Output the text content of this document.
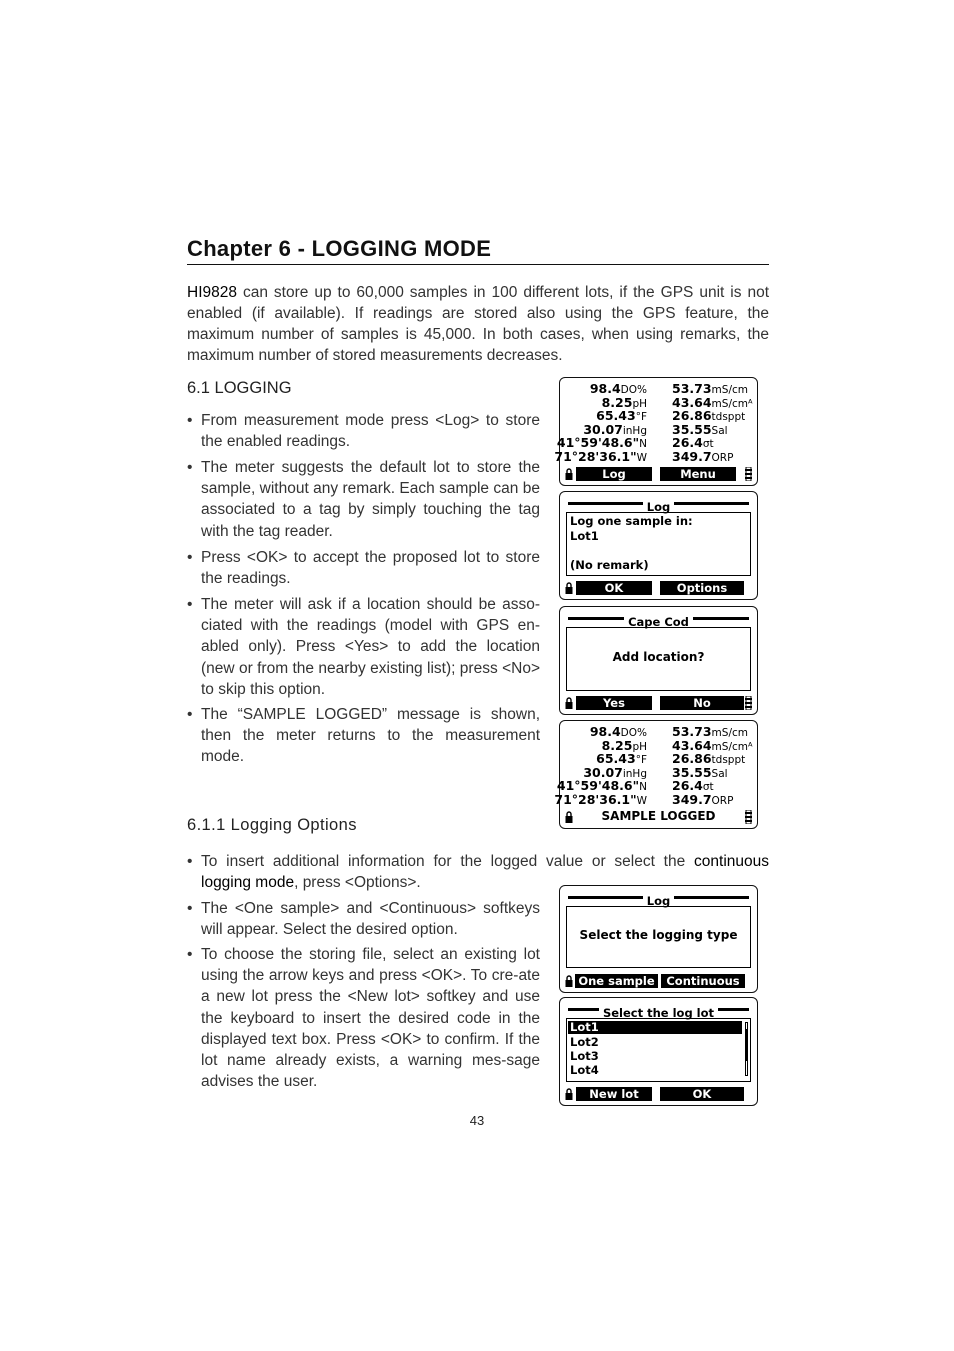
Chapter 6 - LOGGING MODE
HI9828 can store up to 60,000 samples in 100 different lots, if the GPS unit is not enabled (if available). If readings are stored also using the GPS feature, the maximum number of samples is 45,000. In both cases, when using remarks, the maximum number of stored measurements decreases.
6.1 LOGGING
• From measurement mode press <Log> to store the enabled readings.
• The meter suggests the default lot to store the sample, without any remark. Each sample can be associated to a tag by simply touching the tag with the tag reader.
• Press <OK> to accept the proposed lot to store the readings.
• The meter will ask if a location should be asso-ciated with the readings (model with GPS en-abled only). Press <Yes> to add the location (new or from the nearby existing list); press <No> to skip this option.
• The “SAMPLE LOGGED” message is shown, then the meter returns to the measurement mode.
6.1.1 Logging Options
• To insert additional information for the logged value or select the continuous logging mode, press <Options>.
• The <One sample> and <Continuous> softkeys will appear. Select the desired option.
• To choose the storing file, select an existing lot using the arrow keys and press <OK>. To cre-ate a new lot press the <New lot> softkey and use the keyboard to insert the desired code in the displayed text box. Press <OK> to confirm. If the lot name already exists, a warning mes-sage advises the user.
43
98.4DO% 53.73mS/cm
8.25pH 43.64mS/cmᴬ
65.43°F 26.86tdsppt
30.07inHg 35.55Sal
41°59'48.6"N 26.4σt
71°28'36.1"W 349.7ORP
Log	Menu
Log
Log one sample in:
Lot1
(No remark)
OK	Options
Cape Cod
Add location?
Yes	No
98.4DO% 53.73mS/cm
8.25pH 43.64mS/cmᴬ
65.43°F 26.86tdsppt
30.07inHg 35.55Sal
41°59'48.6"N 26.4σt
71°28'36.1"W 349.7ORP
SAMPLE LOGGED
Log
Select the logging type
One sample	Continuous
Select the log lot
Lot1
Lot2
Lot3
Lot4
New lot	OK
